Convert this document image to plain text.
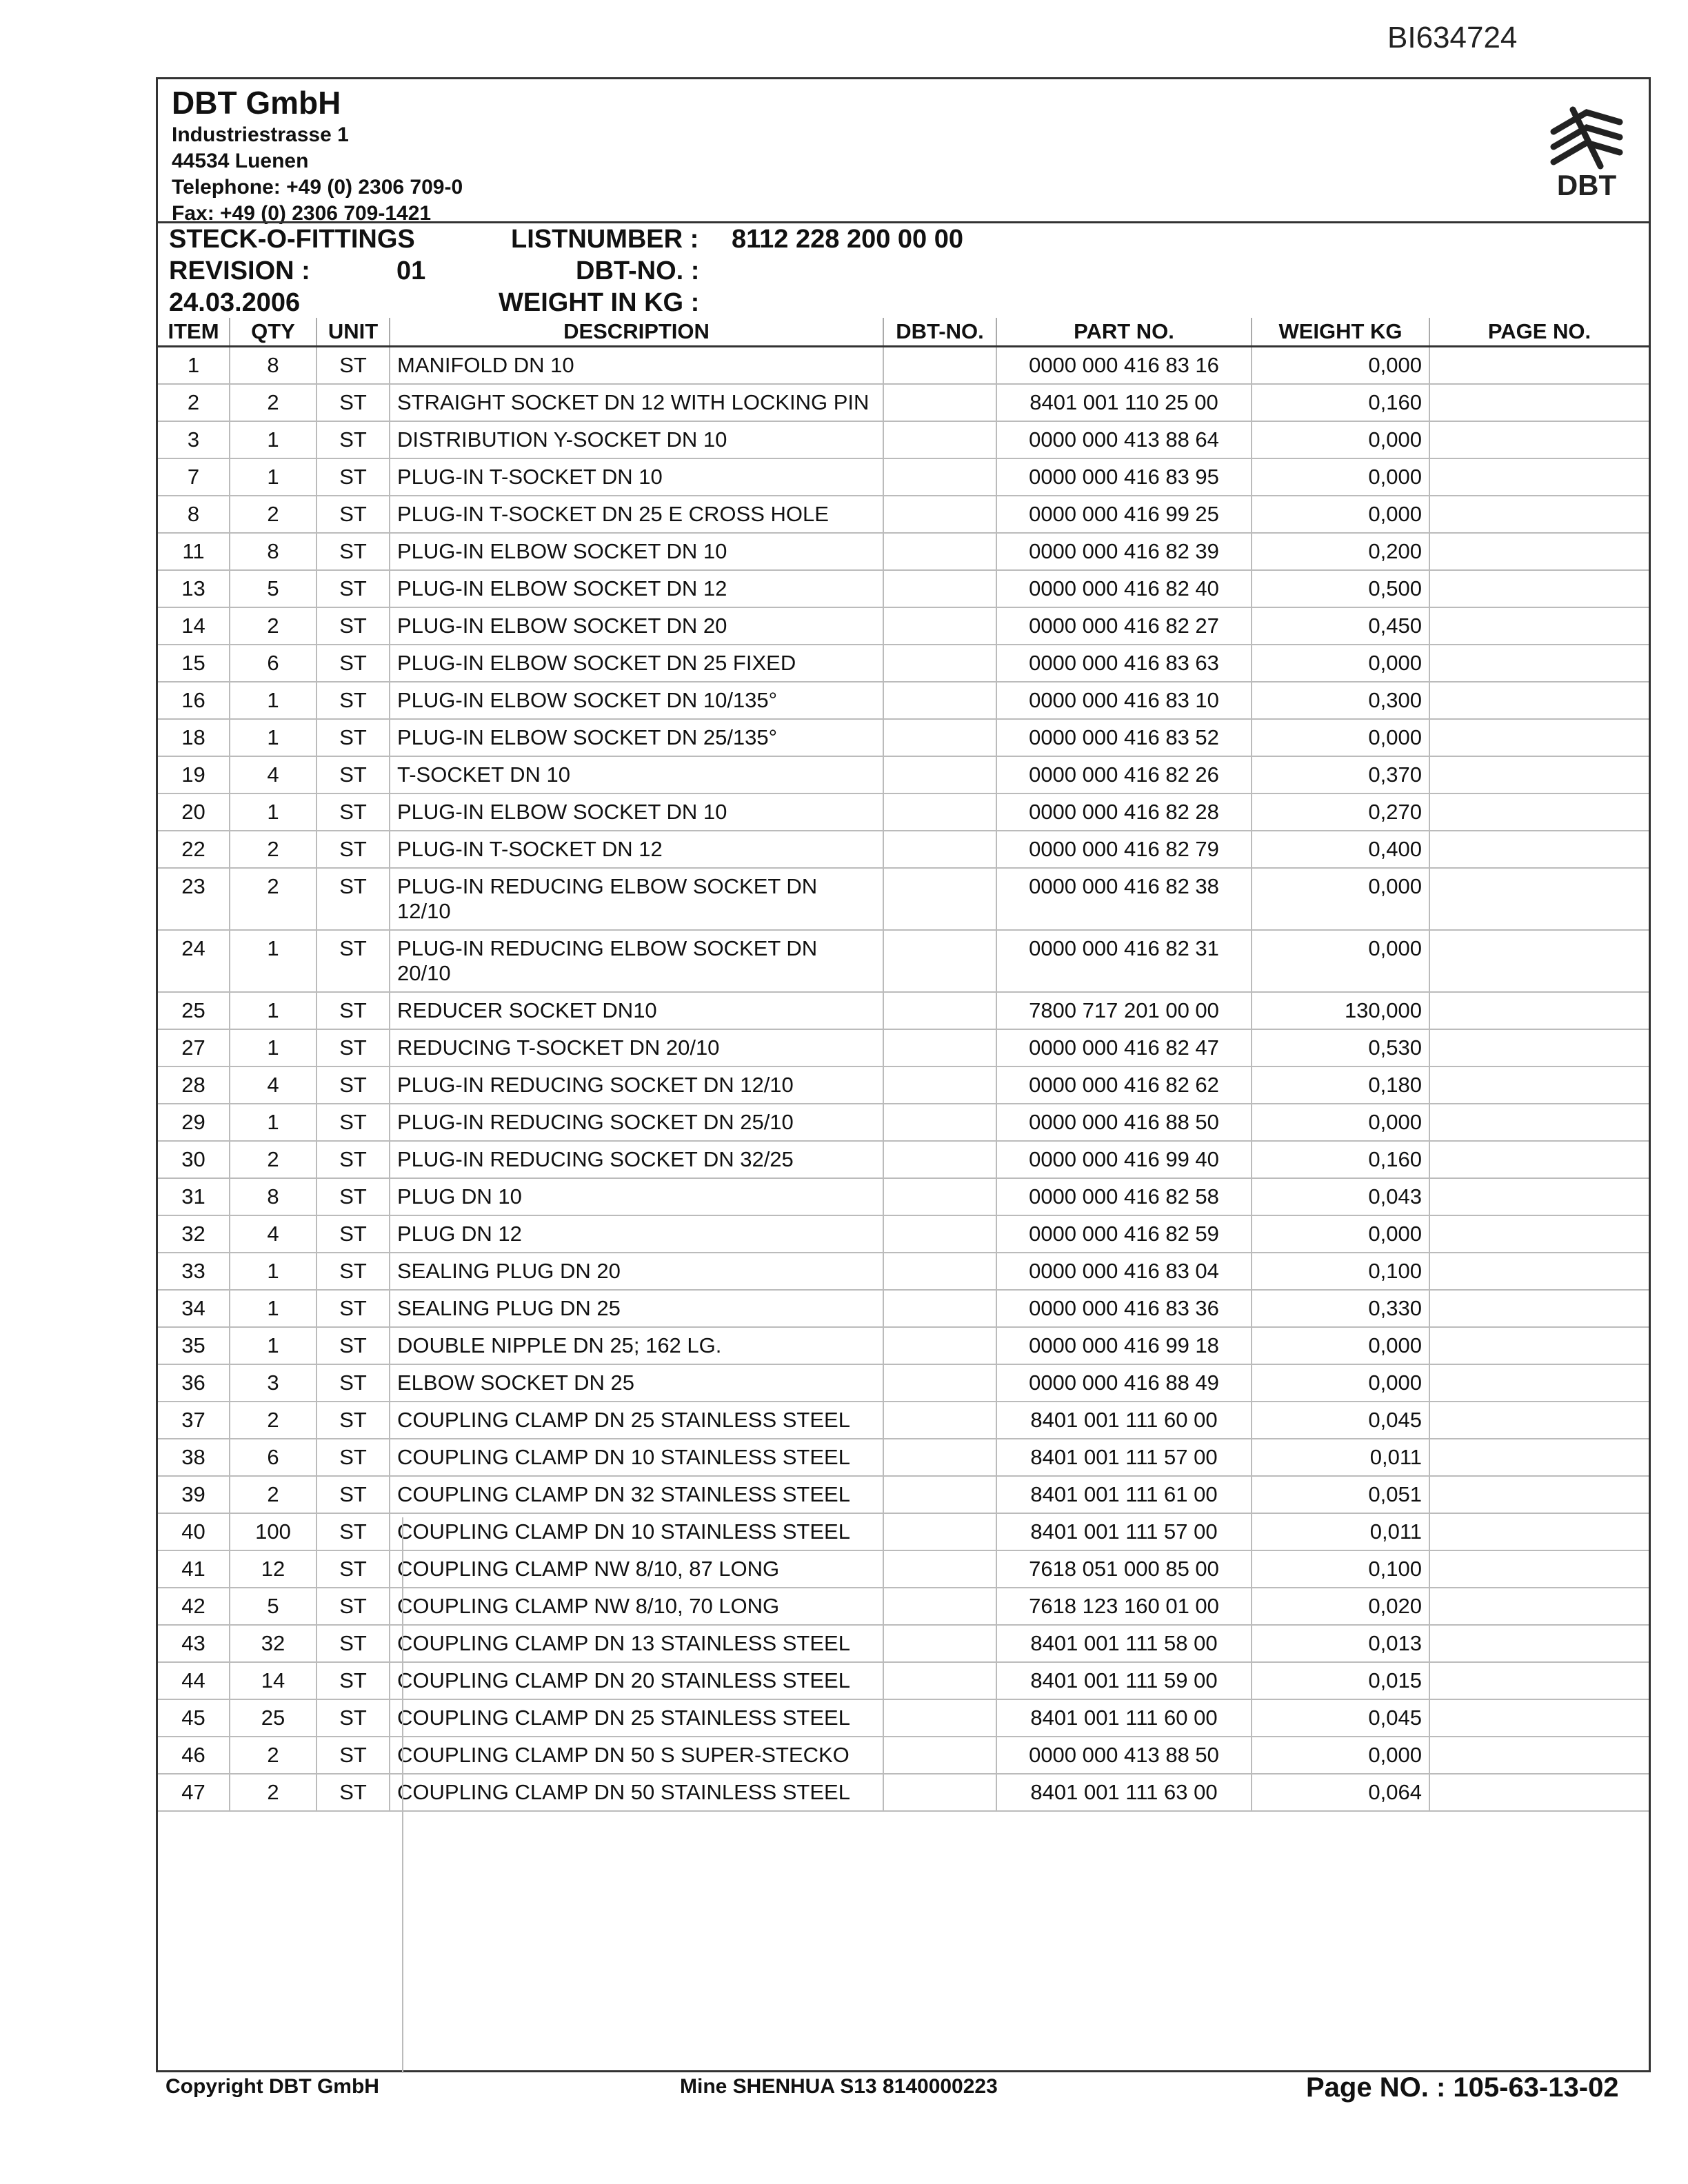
BI634724
DBT GmbH
Industriestrasse 1
44534 Luenen
Telephone: +49 (0) 2306 709-0
Fax: +49 (0) 2306 709-1421
DBT
STECK-O-FITTINGS	LISTNUMBER : 8112 228 200 00 00
REVISION :	01	DBT-NO. :
24.03.2006	WEIGHT IN KG :
ITEM	QTY	UNIT	DESCRIPTION	DBT-NO.	PART NO.	WEIGHT KG	PAGE NO.
1	8	ST	MANIFOLD DN 10		0000 000 416 83 16	0,000	
2	2	ST	STRAIGHT SOCKET DN 12 WITH LOCKING PIN		8401 001 110 25 00	0,160	
3	1	ST	DISTRIBUTION Y-SOCKET DN 10		0000 000 413 88 64	0,000	
7	1	ST	PLUG-IN T-SOCKET DN 10		0000 000 416 83 95	0,000	
8	2	ST	PLUG-IN T-SOCKET DN 25 E CROSS HOLE		0000 000 416 99 25	0,000	
11	8	ST	PLUG-IN ELBOW SOCKET DN 10		0000 000 416 82 39	0,200	
13	5	ST	PLUG-IN ELBOW SOCKET DN 12		0000 000 416 82 40	0,500	
14	2	ST	PLUG-IN ELBOW SOCKET DN 20		0000 000 416 82 27	0,450	
15	6	ST	PLUG-IN ELBOW SOCKET DN 25 FIXED		0000 000 416 83 63	0,000	
16	1	ST	PLUG-IN ELBOW SOCKET DN 10/135°		0000 000 416 83 10	0,300	
18	1	ST	PLUG-IN ELBOW SOCKET DN 25/135°		0000 000 416 83 52	0,000	
19	4	ST	T-SOCKET DN 10		0000 000 416 82 26	0,370	
20	1	ST	PLUG-IN ELBOW SOCKET DN 10		0000 000 416 82 28	0,270	
22	2	ST	PLUG-IN T-SOCKET DN 12		0000 000 416 82 79	0,400	
23	2	ST	PLUG-IN REDUCING ELBOW SOCKET DN 12/10		0000 000 416 82 38	0,000	
24	1	ST	PLUG-IN REDUCING ELBOW SOCKET DN 20/10		0000 000 416 82 31	0,000	
25	1	ST	REDUCER SOCKET DN10		7800 717 201 00 00	130,000	
27	1	ST	REDUCING T-SOCKET DN 20/10		0000 000 416 82 47	0,530	
28	4	ST	PLUG-IN REDUCING SOCKET DN 12/10		0000 000 416 82 62	0,180	
29	1	ST	PLUG-IN REDUCING SOCKET DN 25/10		0000 000 416 88 50	0,000	
30	2	ST	PLUG-IN REDUCING SOCKET DN 32/25		0000 000 416 99 40	0,160	
31	8	ST	PLUG DN 10		0000 000 416 82 58	0,043	
32	4	ST	PLUG DN 12		0000 000 416 82 59	0,000	
33	1	ST	SEALING PLUG DN 20		0000 000 416 83 04	0,100	
34	1	ST	SEALING PLUG DN 25		0000 000 416 83 36	0,330	
35	1	ST	DOUBLE NIPPLE DN 25; 162 LG.		0000 000 416 99 18	0,000	
36	3	ST	ELBOW SOCKET DN 25		0000 000 416 88 49	0,000	
37	2	ST	COUPLING CLAMP DN 25 STAINLESS STEEL		8401 001 111 60 00	0,045	
38	6	ST	COUPLING CLAMP DN 10 STAINLESS STEEL		8401 001 111 57 00	0,011	
39	2	ST	COUPLING CLAMP DN 32 STAINLESS STEEL		8401 001 111 61 00	0,051	
40	100	ST	COUPLING CLAMP DN 10 STAINLESS STEEL		8401 001 111 57 00	0,011	
41	12	ST	COUPLING CLAMP NW 8/10, 87 LONG		7618 051 000 85 00	0,100	
42	5	ST	COUPLING CLAMP NW 8/10, 70 LONG		7618 123 160 01 00	0,020	
43	32	ST	COUPLING CLAMP DN 13 STAINLESS STEEL		8401 001 111 58 00	0,013	
44	14	ST	COUPLING CLAMP DN 20 STAINLESS STEEL		8401 001 111 59 00	0,015	
45	25	ST	COUPLING CLAMP DN 25 STAINLESS STEEL		8401 001 111 60 00	0,045	
46	2	ST	COUPLING CLAMP DN 50 S SUPER-STECKO		0000 000 413 88 50	0,000	
47	2	ST	COUPLING CLAMP DN 50 STAINLESS STEEL		8401 001 111 63 00	0,064	
Copyright DBT GmbH	Mine SHENHUA S13 8140000223	Page NO. : 105-63-13-02
